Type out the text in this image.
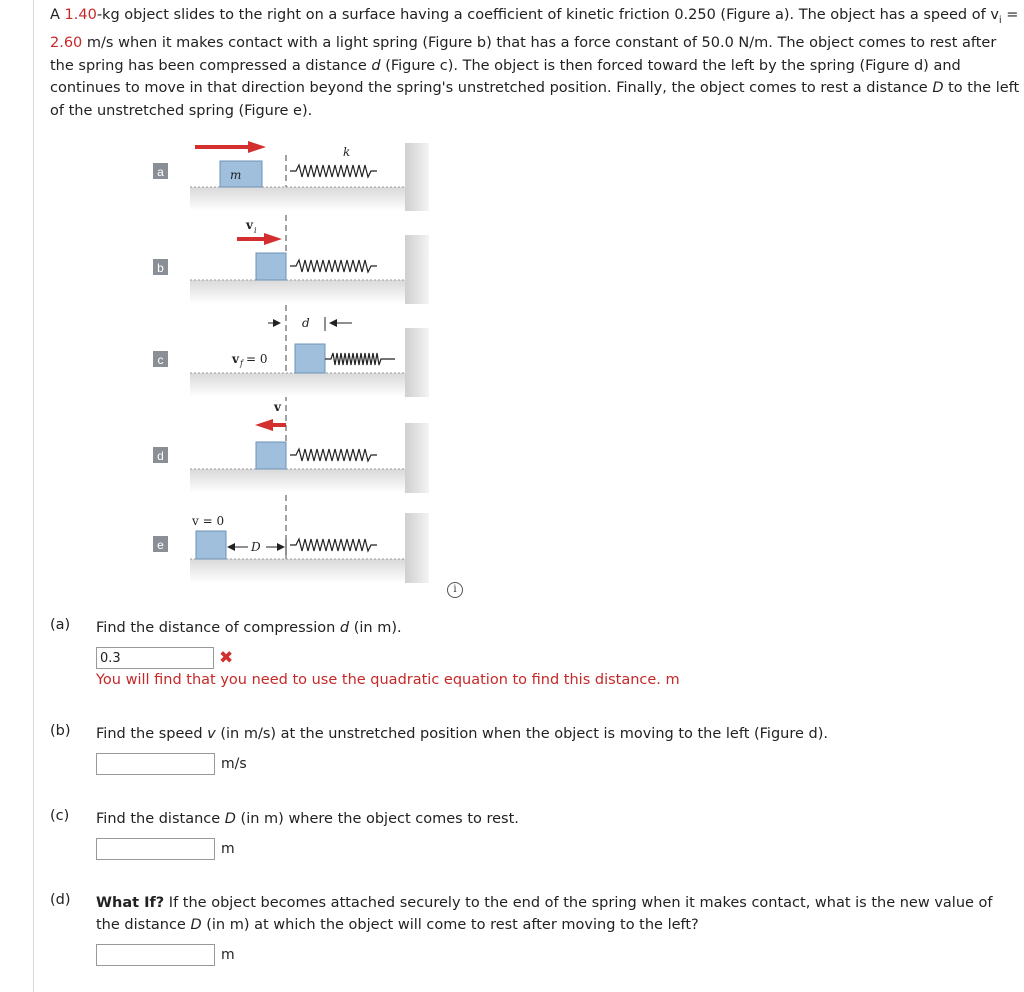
A 1.40-kg object slides to the right on a surface having a coefficient of kinetic friction 0.250 (Figure a). The object has a speed of $v_i = 2.60$ m/s when it makes contact with a light spring (Figure b) that has a force constant of 50.0 N/m. The object comes to rest after the spring has been compressed a distance d (Figure c). The object is then forced toward the left by the spring (Figure d) and continues to move in that direction beyond the spring's unstretched position. Finally, the object comes to rest a distance D to the left of the unstretched spring (Figure e).
a	m
k
b
v i
c
d
v f = 0
d
v
e
v = 0
D
i
(a) Find the distance of compression d (in m).
0.3
✖
You will find that you need to use the quadratic equation to find this distance. m
(b) Find the speed v (in m/s) at the unstretched position when the object is moving to the left (Figure d).
m/s
(c) Find the distance D (in m) where the object comes to rest.
m
(d) What If? If the object becomes attached securely to the end of the spring when it makes contact, what is the new value of the distance D (in m) at which the object will come to rest after moving to the left?
m
